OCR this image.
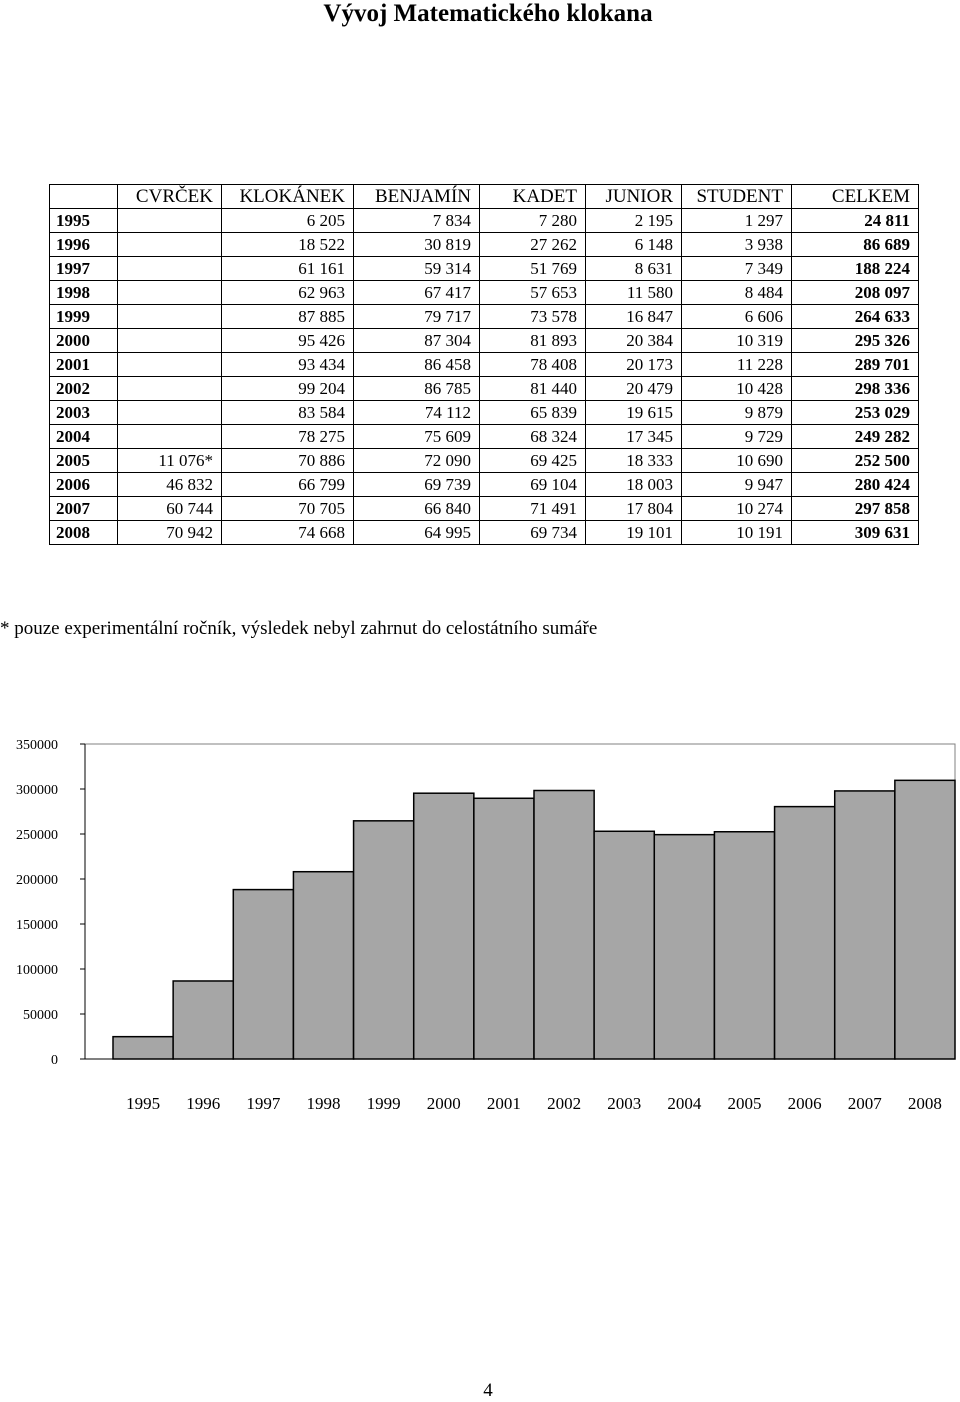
Vývoj Matematického klokana
	CVRČEK	KLOKÁNEK	BENJAMÍN	KADET	JUNIOR	STUDENT	CELKEM
1995		6 205	7 834	7 280	2 195	1 297	24 811
1996		18 522	30 819	27 262	6 148	3 938	86 689
1997		61 161	59 314	51 769	8 631	7 349	188 224
1998		62 963	67 417	57 653	11 580	8 484	208 097
1999		87 885	79 717	73 578	16 847	6 606	264 633
2000		95 426	87 304	81 893	20 384	10 319	295 326
2001		93 434	86 458	78 408	20 173	11 228	289 701
2002		99 204	86 785	81 440	20 479	10 428	298 336
2003		83 584	74 112	65 839	19 615	9 879	253 029
2004		78 275	75 609	68 324	17 345	9 729	249 282
2005	11 076*	70 886	72 090	69 425	18 333	10 690	252 500
2006	46 832	66 799	69 739	69 104	18 003	9 947	280 424
2007	60 744	70 705	66 840	71 491	17 804	10 274	297 858
2008	70 942	74 668	64 995	69 734	19 101	10 191	309 631
* pouze experimentální ročník, výsledek nebyl zahrnut do celostátního sumáře
0
50000
100000
150000
200000
250000
300000
350000
1995 1996 1997 1998 1999 2000 2001 2002 2003 2004 2005 2006 2007 2008
4
